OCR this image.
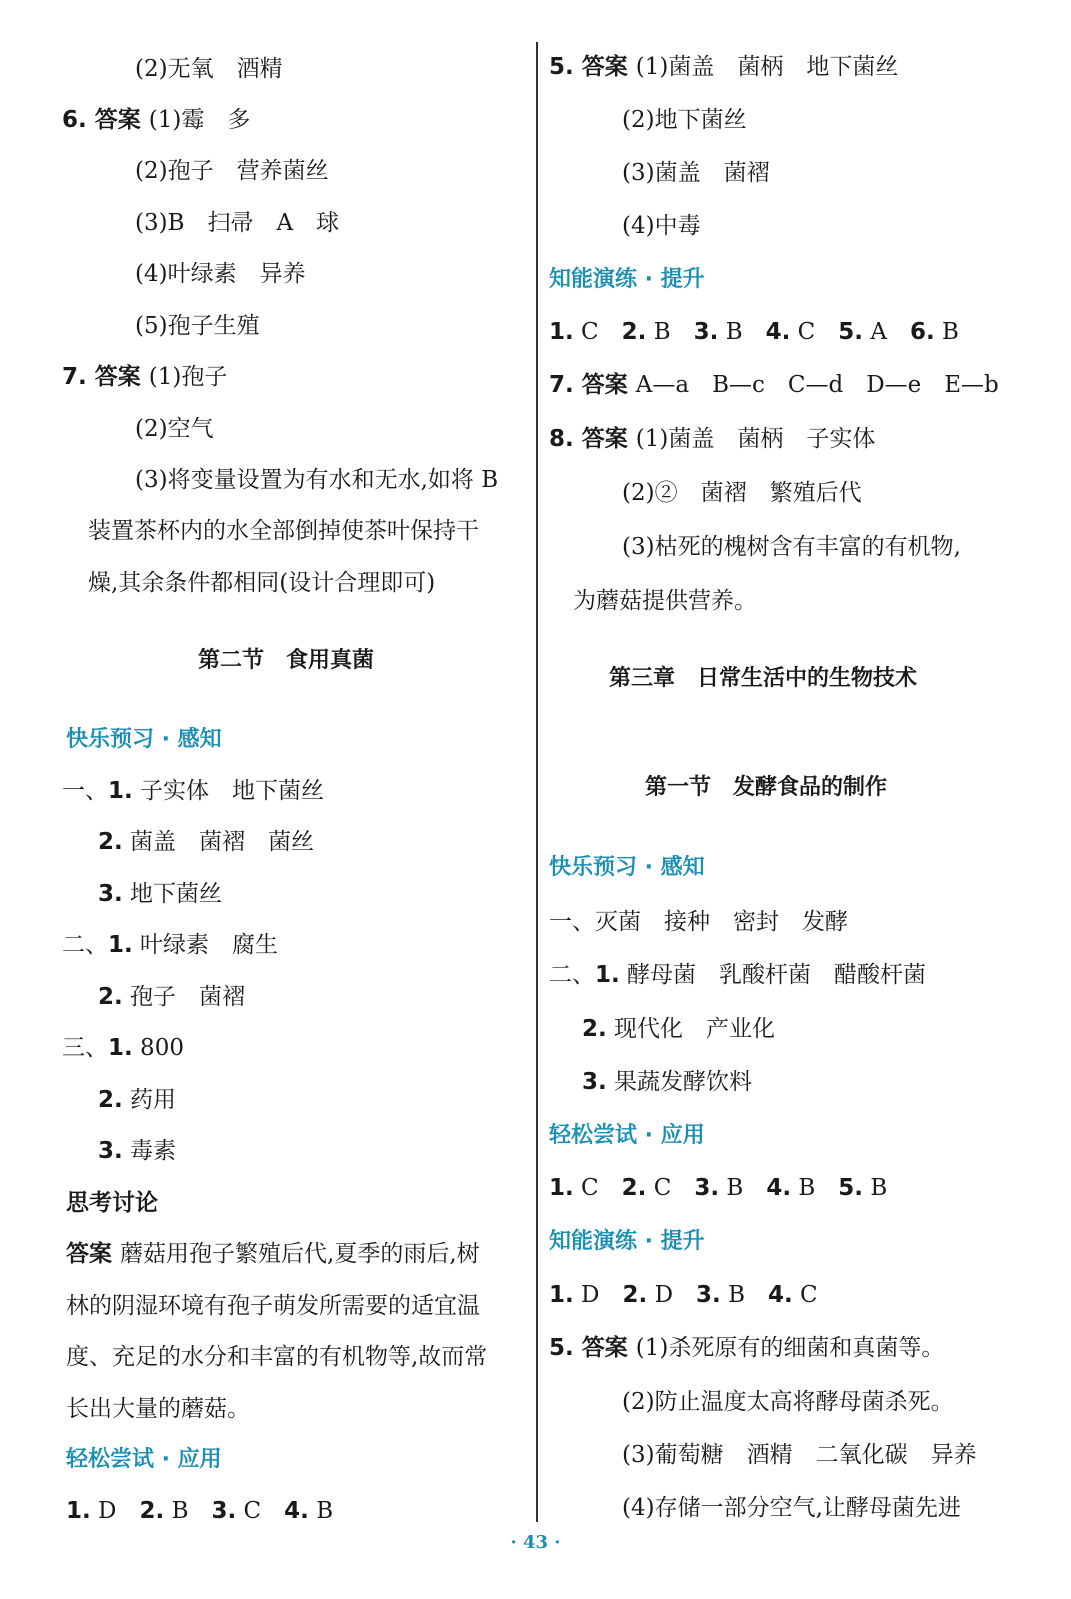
(2)无氧　酒精
6. 答案 (1)霉　多
(2)孢子　营养菌丝
(3)B　扫帚　A　球
(4)叶绿素　异养
(5)孢子生殖
7. 答案 (1)孢子
(2)空气
(3)将变量设置为有水和无水,如将 B
装置茶杯内的水全部倒掉使茶叶保持干
燥,其余条件都相同(设计合理即可)
第二节　食用真菌
快乐预习 · 感知
一、1. 子实体　地下菌丝
2. 菌盖　菌褶　菌丝
3. 地下菌丝
二、1. 叶绿素　腐生
2. 孢子　菌褶
三、1. 800
2. 药用
3. 毒素
思考讨论
答案 蘑菇用孢子繁殖后代,夏季的雨后,树
林的阴湿环境有孢子萌发所需要的适宜温
度、充足的水分和丰富的有机物等,故而常
长出大量的蘑菇。
轻松尝试 · 应用
1. D　2. B　3. C　4. B
5. 答案 (1)菌盖　菌柄　地下菌丝
(2)地下菌丝
(3)菌盖　菌褶
(4)中毒
知能演练 · 提升
1. C　2. B　3. B　4. C　5. A　6. B
7. 答案 A—a　B—c　C—d　D—e　E—b
8. 答案 (1)菌盖　菌柄　子实体
(2)②　菌褶　繁殖后代
(3)枯死的槐树含有丰富的有机物,
为蘑菇提供营养。
第三章　日常生活中的生物技术
第一节　发酵食品的制作
快乐预习 · 感知
一、灭菌　接种　密封　发酵
二、1. 酵母菌　乳酸杆菌　醋酸杆菌
2. 现代化　产业化
3. 果蔬发酵饮料
轻松尝试 · 应用
1. C　2. C　3. B　4. B　5. B
知能演练 · 提升
1. D　2. D　3. B　4. C
5. 答案 (1)杀死原有的细菌和真菌等。
(2)防止温度太高将酵母菌杀死。
(3)葡萄糖　酒精　二氧化碳　异养
(4)存储一部分空气,让酵母菌先进
· 43 ·
